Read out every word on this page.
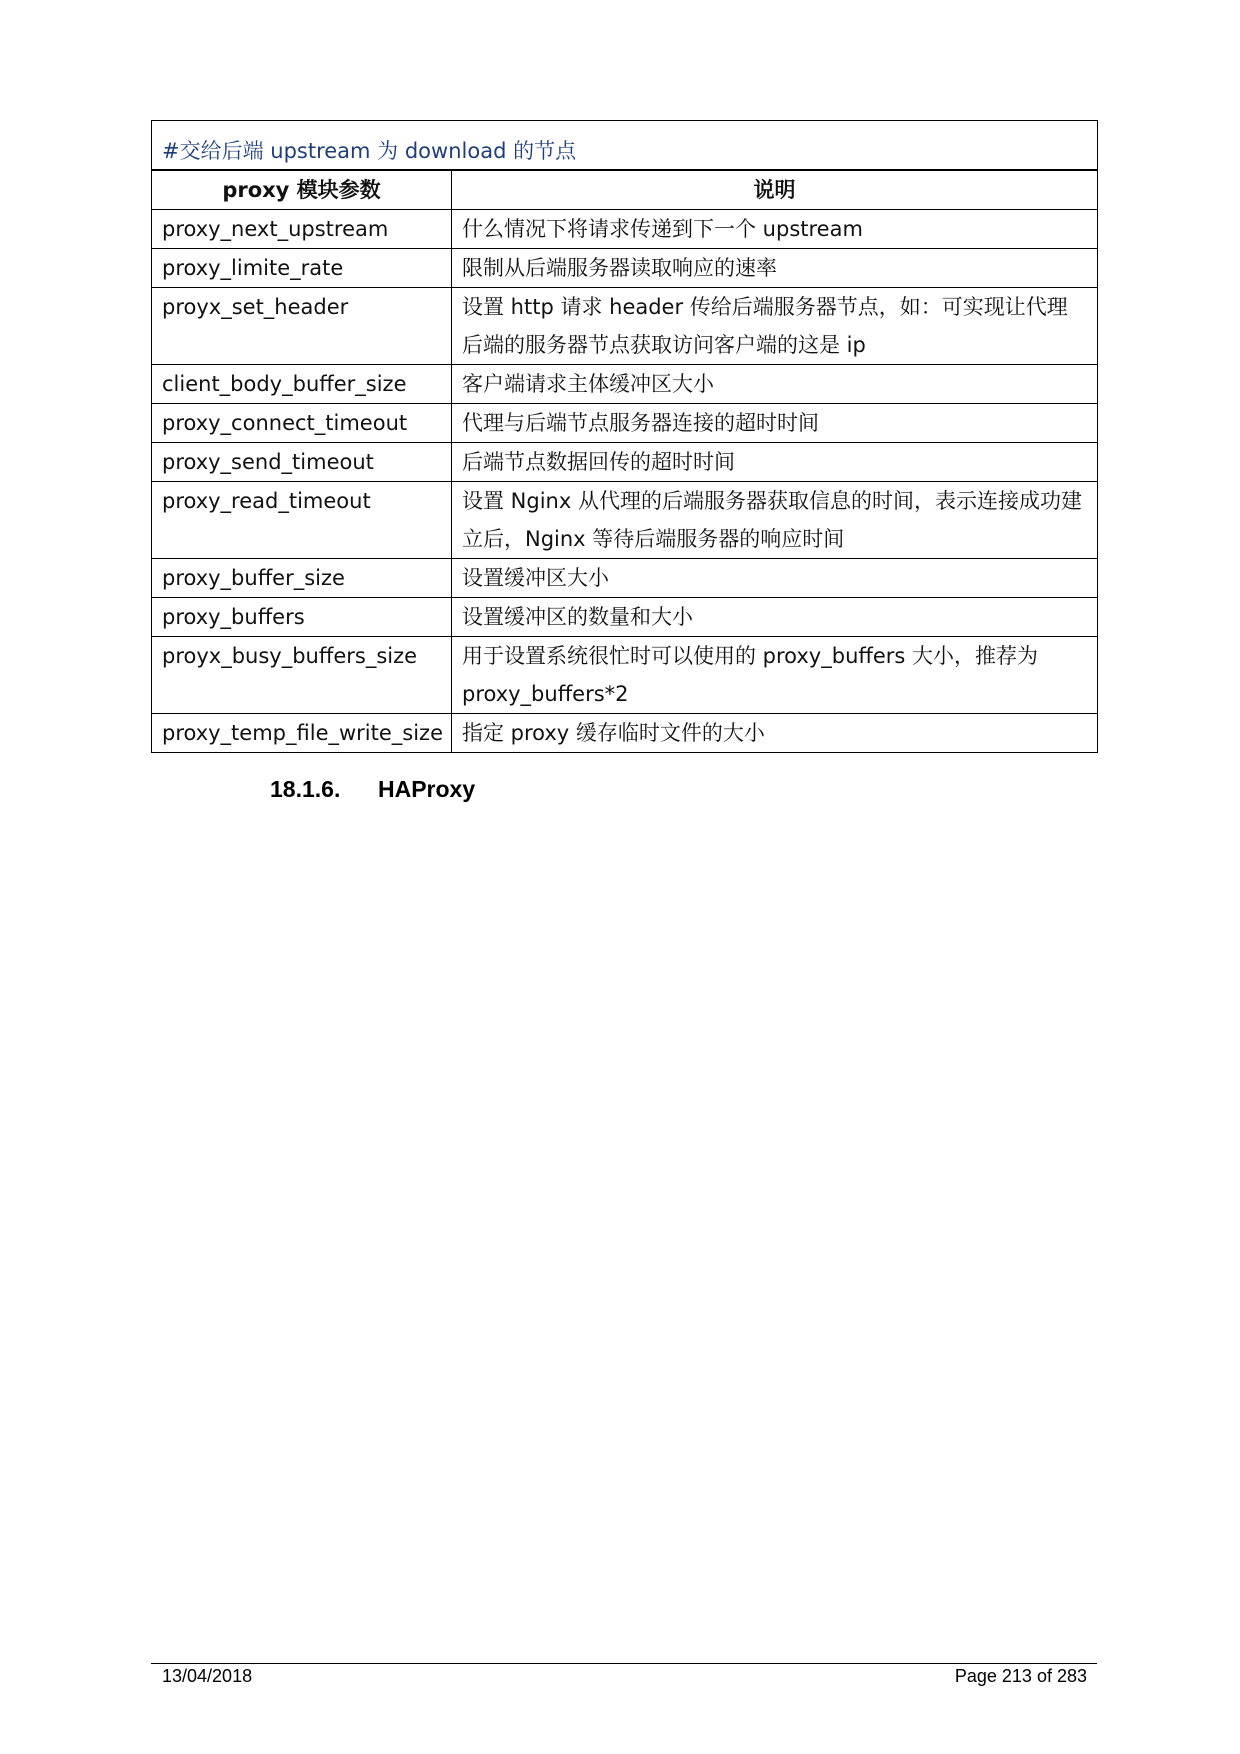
#交给后端 upstream 为 download 的节点	
proxy 模块参数	说明
proxy_next_upstream	什么情况下将请求传递到下一个 upstream
proxy_limite_rate	限制从后端服务器读取响应的速率
proyx_set_header	设置 http 请求 header 传给后端服务器节点，如：可实现让代理后端的服务器节点获取访问客户端的这是 ip
client_body_buffer_size	客户端请求主体缓冲区大小
proxy_connect_timeout	代理与后端节点服务器连接的超时时间
proxy_send_timeout	后端节点数据回传的超时时间
proxy_read_timeout	设置 Nginx 从代理的后端服务器获取信息的时间，表示连接成功建立后，Nginx 等待后端服务器的响应时间
proxy_buffer_size	设置缓冲区大小
proxy_buffers	设置缓冲区的数量和大小
proyx_busy_buffers_size	用于设置系统很忙时可以使用的 proxy_buffers 大小，推荐为 proxy_buffers*2
proxy_temp_file_write_size	指定 proxy 缓存临时文件的大小
18.1.6. HAProxy
13/04/2018	Page 213 of 283
